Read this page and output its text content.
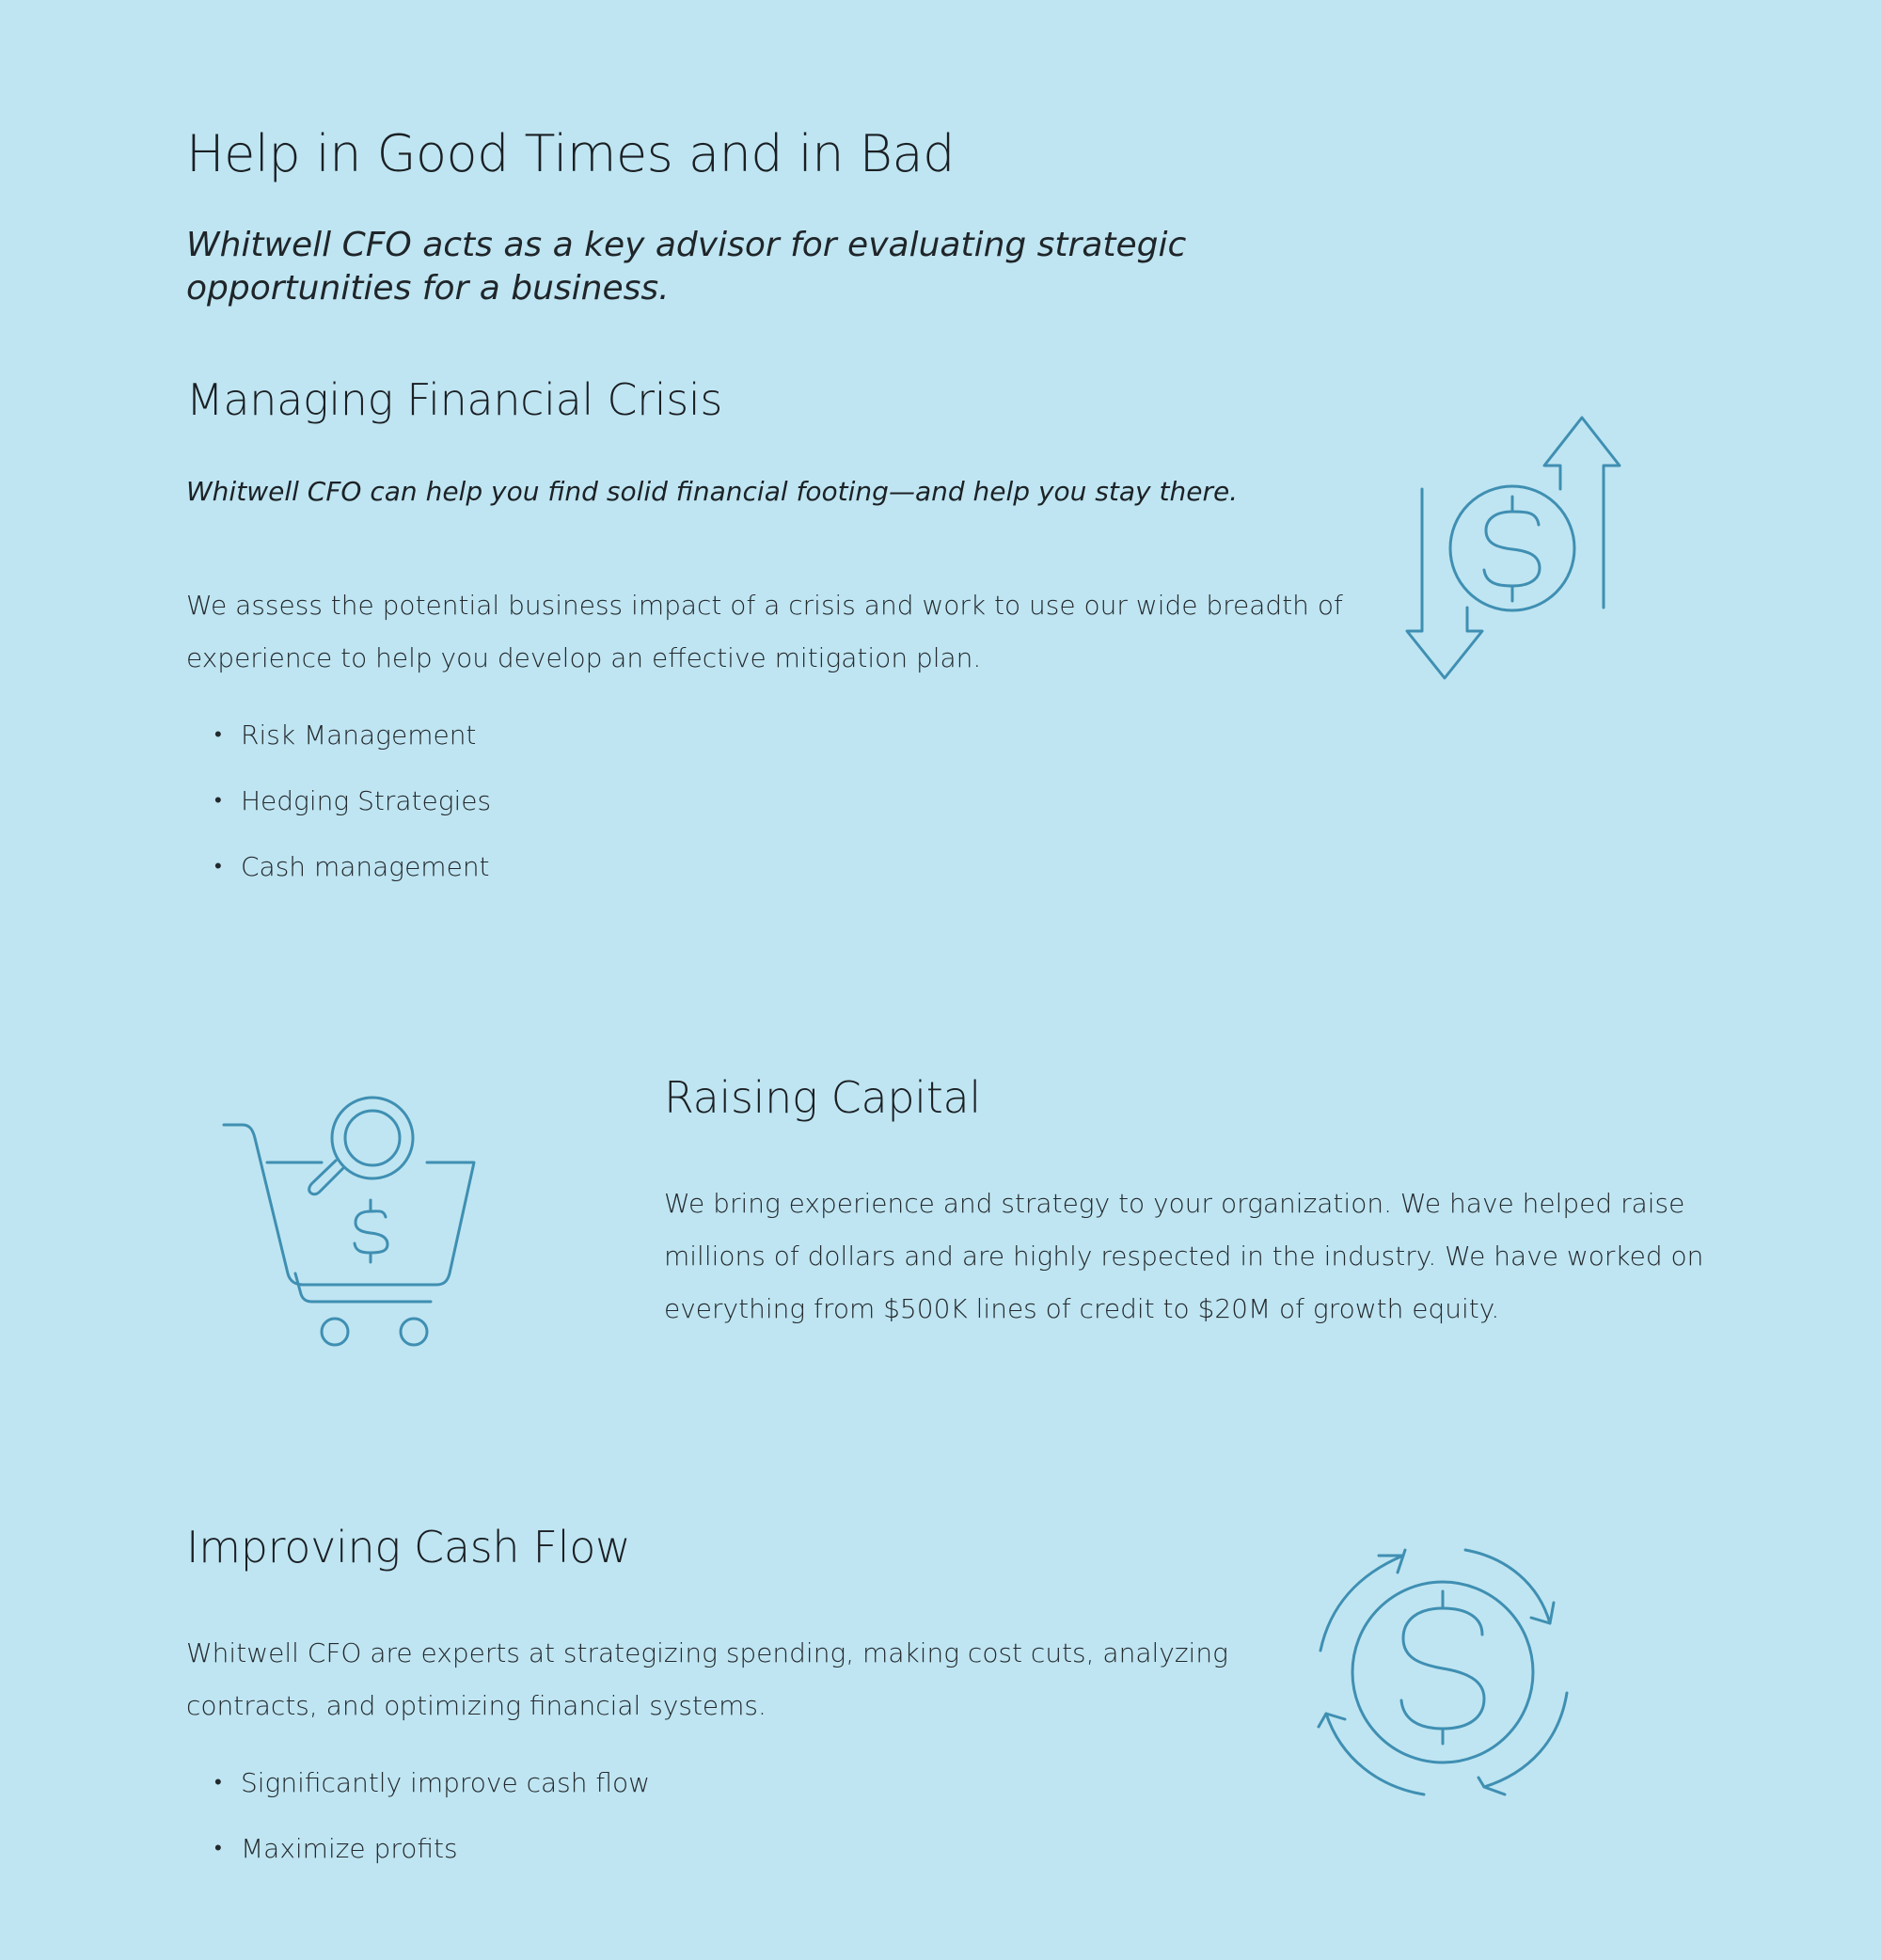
Help in Good Times and in Bad

Whitwell CFO acts as a key advisor for evaluating strategic opportunities for a business.

Managing Financial Crisis

Whitwell CFO can help you find solid financial footing—and help you stay there.

We assess the potential business impact of a crisis and work to use our wide breadth of experience to help you develop an effective mitigation plan.

• Risk Management
• Hedging Strategies
• Cash management
Raising Capital

We bring experience and strategy to your organization. We have helped raise millions of dollars and are highly respected in the industry. We have worked on everything from $500K lines of credit to $20M of growth equity.

Improving Cash Flow

Whitwell CFO are experts at strategizing spending, making cost cuts, analyzing contracts, and optimizing financial systems.

• Significantly improve cash flow
• Maximize profits
